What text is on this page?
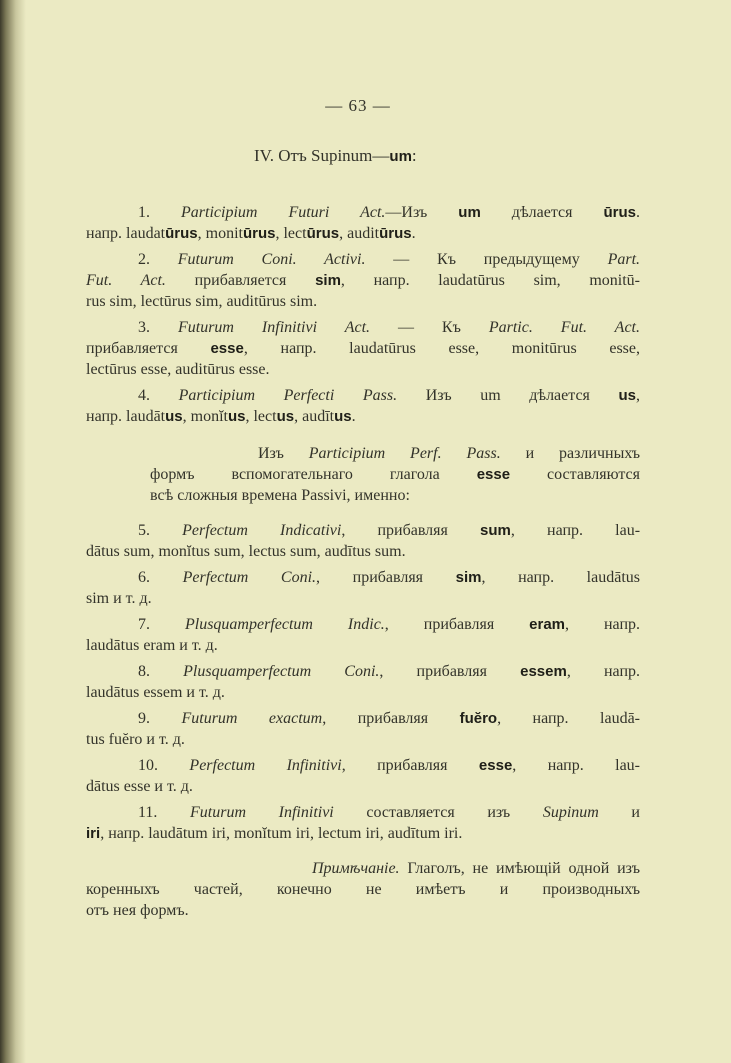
— 63 —
IV. Отъ Supinum—um:
1. Participium Futuri Act.—Изъ um дѣлается ūrus.
напр. laudatūrus, monitūrus, lectūrus, auditūrus.
2. Futurum Coni. Activi. — Къ предыдущему Part.
Fut. Act. прибавляется sim, напр. laudatūrus sim, monitū-
rus sim, lectūrus sim, auditūrus sim.
3. Futurum Infinitivi Act. — Къ Partic. Fut. Act.
прибавляется esse, напр. laudatūrus esse, monitūrus esse,
lectūrus esse, auditūrus esse.
4. Participium Perfecti Pass. Изъ um дѣлается us,
напр. laudātus, monĭtus, lectus, audītus.
Изъ Participium Perf. Pass. и различныхъ
формъ вспомогательнаго глагола esse составляются
всѣ сложныя времена Passivi, именно:
5. Perfectum Indicativi, прибавляя sum, напр. lau-
dātus sum, monĭtus sum, lectus sum, audītus sum.
6. Perfectum Coni., прибавляя sim, напр. laudātus
sim и т. д.
7. Plusquamperfectum Indic., прибавляя eram, напр.
laudātus eram и т. д.
8. Plusquamperfectum Coni., прибавляя essem, напр.
laudātus essem и т. д.
9. Futurum exactum, прибавляя fuĕro, напр. laudā-
tus fuĕro и т. д.
10. Perfectum Infinitivi, прибавляя esse, напр. lau-
dātus esse и т. д.
11. Futurum Infinitivi составляется изъ Supinum и
iri, напр. laudātum iri, monĭtum iri, lectum iri, audītum iri.
Примѣчаніе. Глаголъ, не имѣющій одной изъ
коренныхъ частей, конечно не имѣетъ и производныхъ
отъ нея формъ.
